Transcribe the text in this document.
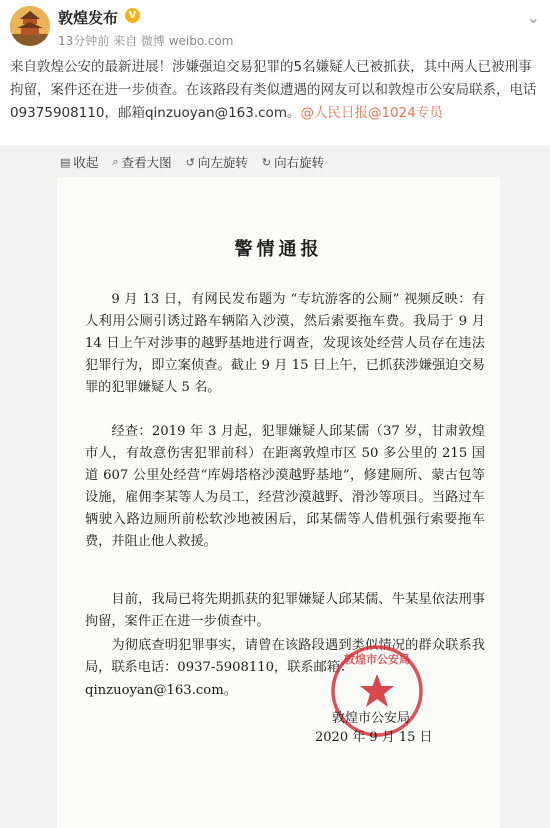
敦煌发布	V
13分钟前 来自 微博 weibo.com
⌄
来自敦煌公安的最新进展！涉嫌强迫交易犯罪的5名嫌疑人已被抓获，其中两人已被刑事拘留，案件还在进一步侦查。在该路段有类似遭遇的网友可以和敦煌市公安局联系，电话09375908110，邮箱qinzuoyan@163.com。@人民日报@1024专员
▤ 收起 ⌕ 查看大图 ↺ 向左旋转 ↻ 向右旋转
警情通报
9 月 13 日，有网民发布题为 “专坑游客的公厕” 视频反映：有人利用公厕引诱过路车辆陷入沙漠，然后索要拖车费。我局于 9 月 14 日上午对涉事的越野基地进行调查，发现该处经营人员存在违法犯罪行为，即立案侦查。截止 9 月 15 日上午，已抓获涉嫌强迫交易罪的犯罪嫌疑人 5 名。
经查：2019 年 3 月起，犯罪嫌疑人邱某儒（37 岁，甘肃敦煌市人，有故意伤害犯罪前科）在距离敦煌市区 50 多公里的 215 国道 607 公里处经营“库姆塔格沙漠越野基地”，修建厕所、蒙古包等设施，雇佣李某等人为员工，经营沙漠越野、滑沙等项目。当路过车辆驶入路边厕所前松软沙地被困后，邱某儒等人借机强行索要拖车费，并阻止他人救援。
目前，我局已将先期抓获的犯罪嫌疑人邱某儒、牛某星依法刑事拘留，案件正在进一步侦查中。
为彻底查明犯罪事实，请曾在该路段遇到类似情况的群众联系我局，联系电话：0937-5908110，联系邮箱：
qinzuoyan@163.com。
敦煌市公安局
敦煌市公安局
2020 年 9 月 15 日
